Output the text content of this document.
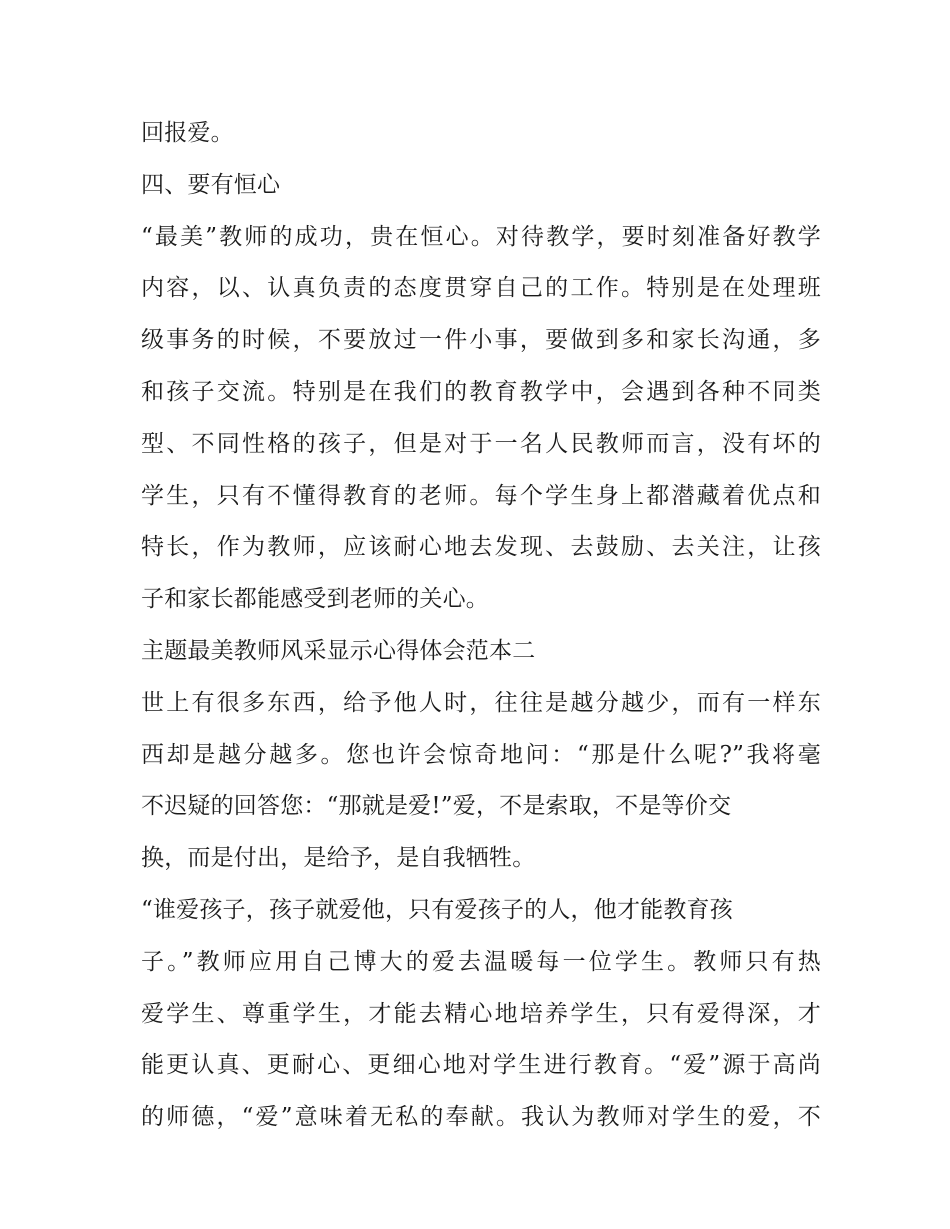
回报爱。
四、要有恒心
“最美”教师的成功，贵在恒心。对待教学，要时刻准备好教学
内容，以、认真负责的态度贯穿自己的工作。特别是在处理班
级事务的时候，不要放过一件小事，要做到多和家长沟通，多
和孩子交流。特别是在我们的教育教学中，会遇到各种不同类
型、不同性格的孩子，但是对于一名人民教师而言，没有坏的
学生，只有不懂得教育的老师。每个学生身上都潜藏着优点和
特长，作为教师，应该耐心地去发现、去鼓励、去关注，让孩
子和家长都能感受到老师的关心。
主题最美教师风采显示心得体会范本二
世上有很多东西，给予他人时，往往是越分越少，而有一样东
西却是越分越多。您也许会惊奇地问：“那是什么呢?”我将毫
不迟疑的回答您：“那就是爱!”爱，不是索取，不是等价交
换，而是付出，是给予，是自我牺牲。
“谁爱孩子，孩子就爱他，只有爱孩子的人，他才能教育孩
子。”教师应用自己博大的爱去温暖每一位学生。教师只有热
爱学生、尊重学生，才能去精心地培养学生，只有爱得深，才
能更认真、更耐心、更细心地对学生进行教育。“爱”源于高尚
的师德，“爱”意味着无私的奉献。我认为教师对学生的爱，不
